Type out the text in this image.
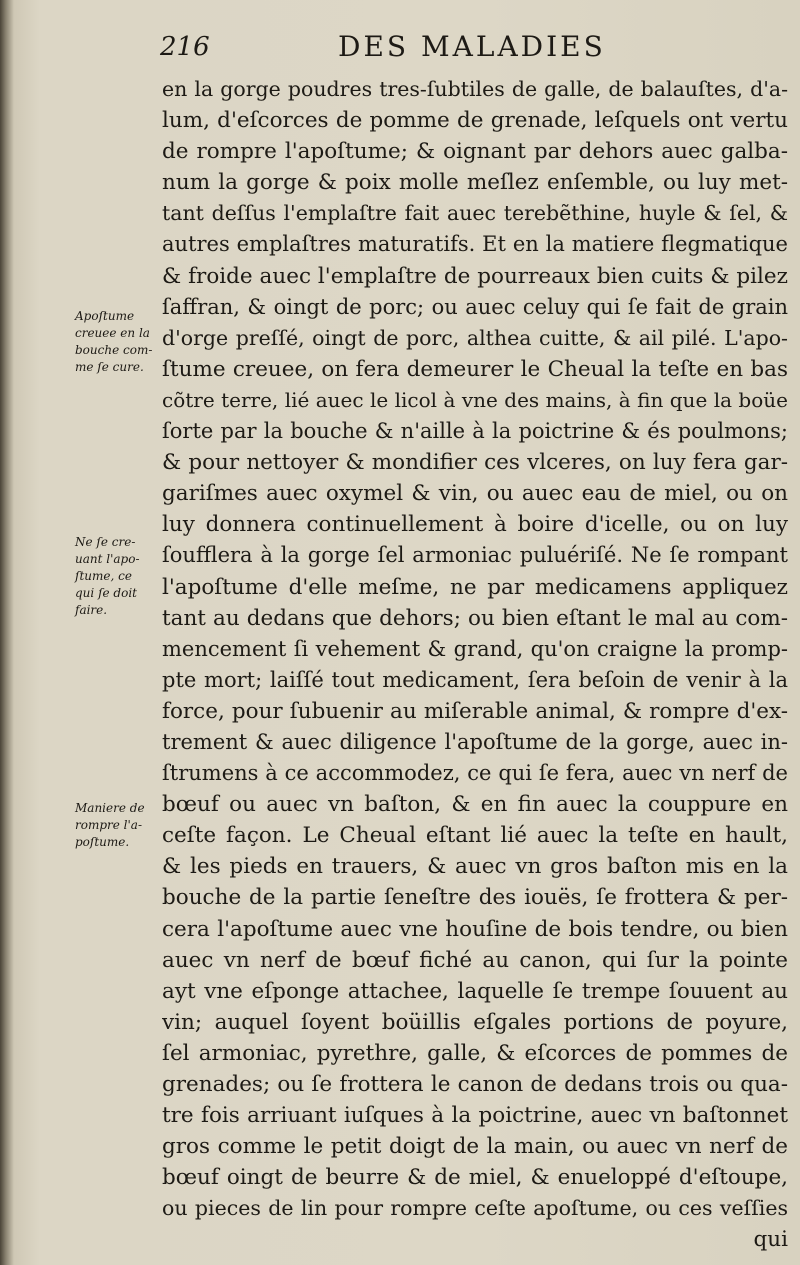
216	DES MALADIES
en la gorge poudres tres-ſubtiles de galle, de balauſtes, d'a-
lum, d'eſcorces de pomme de grenade, leſquels ont vertu
de rompre l'apoſtume; & oignant par dehors auec galba-
num la gorge & poix molle meſlez enſemble, ou luy met-
tant deſſus l'emplaſtre fait auec terebẽthine, huyle & ſel, &
autres emplaſtres maturatifs. Et en la matiere flegmatique
& froide auec l'emplaſtre de pourreaux bien cuits & pilez
ſaffran, & oingt de porc; ou auec celuy qui ſe fait de grain
d'orge preſſé, oingt de porc, althea cuitte, & ail pilé. L'apo-
ſtume creuee, on fera demeurer le Cheual la teſte en bas
cõtre terre, lié auec le licol à vne des mains, à fin que la boüe
ſorte par la bouche & n'aille à la poictrine & és poulmons;
& pour nettoyer & mondifier ces vlceres, on luy fera gar-
gariſmes auec oxymel & vin, ou auec eau de miel, ou on
luy donnera continuellement à boire d'icelle, ou on luy
ſoufflera à la gorge ſel armoniac puluériſé. Ne ſe rompant
l'apoſtume d'elle meſme, ne par medicamens appliquez
tant au dedans que dehors; ou bien eſtant le mal au com-
mencement ſi vehement & grand, qu'on craigne la promp-
pte mort; laiſſé tout medicament, ſera beſoin de venir à la
force, pour ſubuenir au miſerable animal, & rompre d'ex-
trement & auec diligence l'apoſtume de la gorge, auec in-
ſtrumens à ce accommodez, ce qui ſe fera, auec vn nerf de
bœuf ou auec vn baſton, & en fin auec la couppure en
ceſte façon. Le Cheual eſtant lié auec la teſte en hault,
& les pieds en trauers, & auec vn gros baſton mis en la
bouche de la partie ſeneſtre des iouës, ſe frottera & per-
cera l'apoſtume auec vne houſine de bois tendre, ou bien
auec vn nerf de bœuf fiché au canon, qui ſur la pointe
ayt vne eſponge attachee, laquelle ſe trempe ſouuent au
vin; auquel ſoyent boüillis eſgales portions de poyure,
ſel armoniac, pyrethre, galle, & eſcorces de pommes de
grenades; ou ſe frottera le canon de dedans trois ou qua-
tre fois arriuant iuſques à la poictrine, auec vn baſtonnet
gros comme le petit doigt de la main, ou auec vn nerf de
bœuf oingt de beurre & de miel, & enueloppé d'eſtoupe,
ou pieces de lin pour rompre ceſte apoſtume, ou ces veſſies
qui
Apoſtume
creuee en la
bouche com-
me ſe cure.
Ne ſe cre-
uant l'apo-
ſtume, ce
qui ſe doit
faire.
Maniere de
rompre l'a-
poſtume.
